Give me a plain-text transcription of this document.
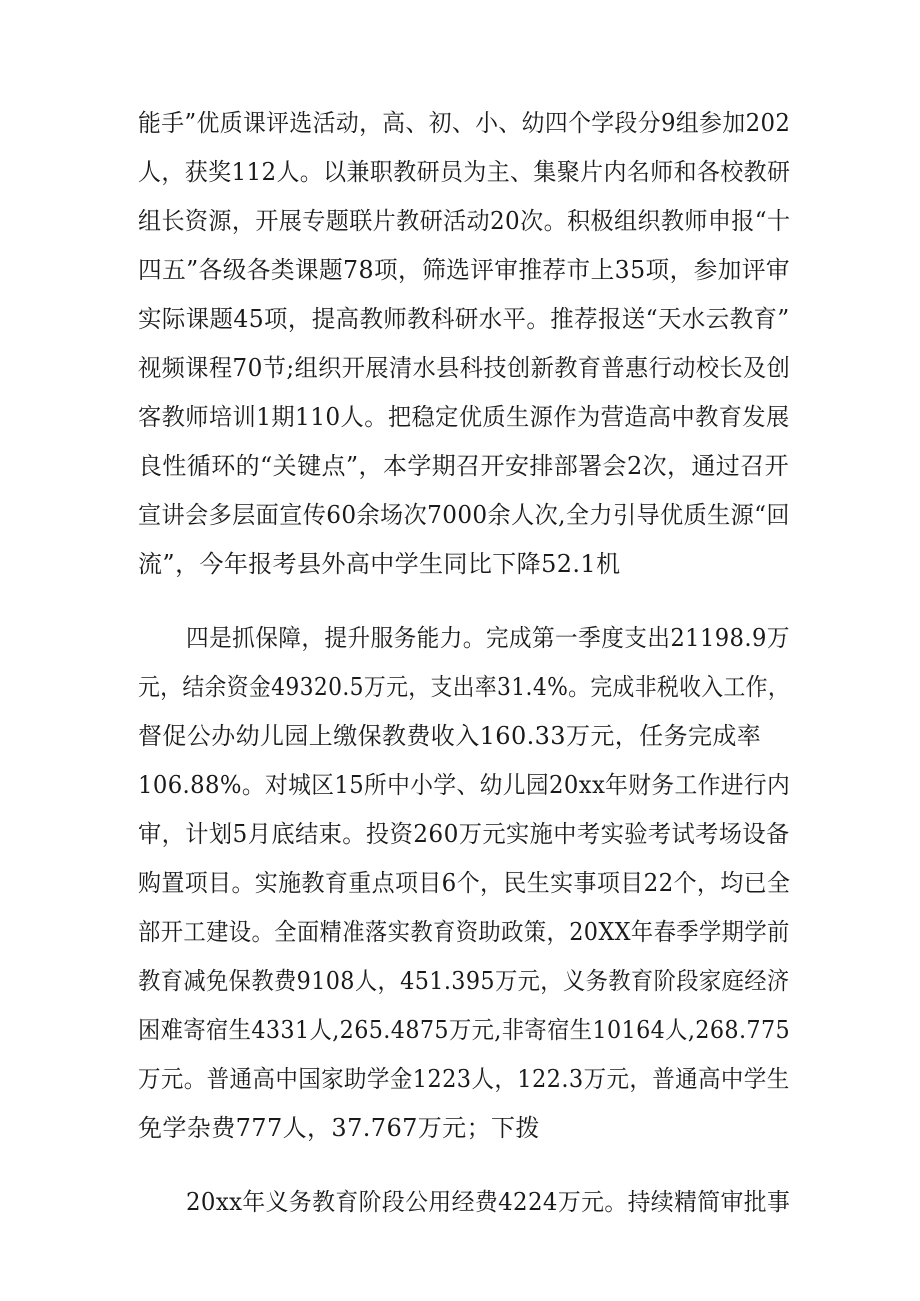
能手”优质课评选活动，高、初、小、幼四个学段分9组参加202
人，获奖112人。以兼职教研员为主、集聚片内名师和各校教研
组长资源，开展专题联片教研活动20次。积极组织教师申报“十
四五”各级各类课题78项，筛选评审推荐市上35项，参加评审
实际课题45项，提高教师教科研水平。推荐报送“天水云教育”
视频课程70节;组织开展清水县科技创新教育普惠行动校长及创
客教师培训1期110人。把稳定优质生源作为营造高中教育发展
良性循环的“关键点”，本学期召开安排部署会2次，通过召开
宣讲会多层面宣传60余场次7000余人次,全力引导优质生源“回
流”，今年报考县外高中学生同比下降52.1机
四是抓保障，提升服务能力。完成第一季度支出21198.9万
元，结余资金49320.5万元，支出率31.4%。完成非税收入工作，
督促公办幼儿园上缴保教费收入160.33万元，任务完成率
106.88%。对城区15所中小学、幼儿园20xx年财务工作进行内
审，计划5月底结束。投资260万元实施中考实验考试考场设备
购置项目。实施教育重点项目6个，民生实事项目22个，均已全
部开工建设。全面精准落实教育资助政策，20XX年春季学期学前
教育减免保教费9108人，451.395万元，义务教育阶段家庭经济
困难寄宿生4331人,265.4875万元,非寄宿生10164人,268.775
万元。普通高中国家助学金1223人，122.3万元，普通高中学生
免学杂费777人，37.767万元；下拨
20xx年义务教育阶段公用经费4224万元。持续精简审批事
